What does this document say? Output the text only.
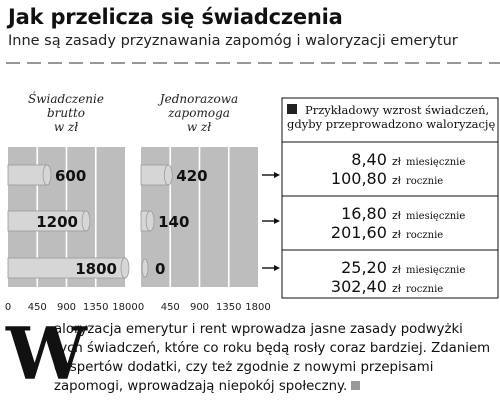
Jak przelicza się świadczenia
Inne są zasady przyznawania zapomóg i waloryzacji emerytur
600
1200
1800
420
140
0
0 450 900 1350 1800 0 450 900 1350 1800
Świadczenie
brutto
w zł
Jednorazowa
zapomoga
w zł
Przykładowy wzrost świadczeń, gdyby przeprowadzono waloryzację
8,40 zł miesięcznie
100,80 zł rocznie
16,80 zł miesięcznie
201,60 zł rocznie
25,20 zł miesięcznie
302,40 zł rocznie
W
aloryzacja emerytur i rent wprowadza jasne zasady podwyżki tych świadczeń, które co roku będą rosły coraz bardziej. Zdaniem ekspertów dodatki, czy też zgodnie z nowymi przepisami zapomogi, wprowadzają niepokój społeczny.
